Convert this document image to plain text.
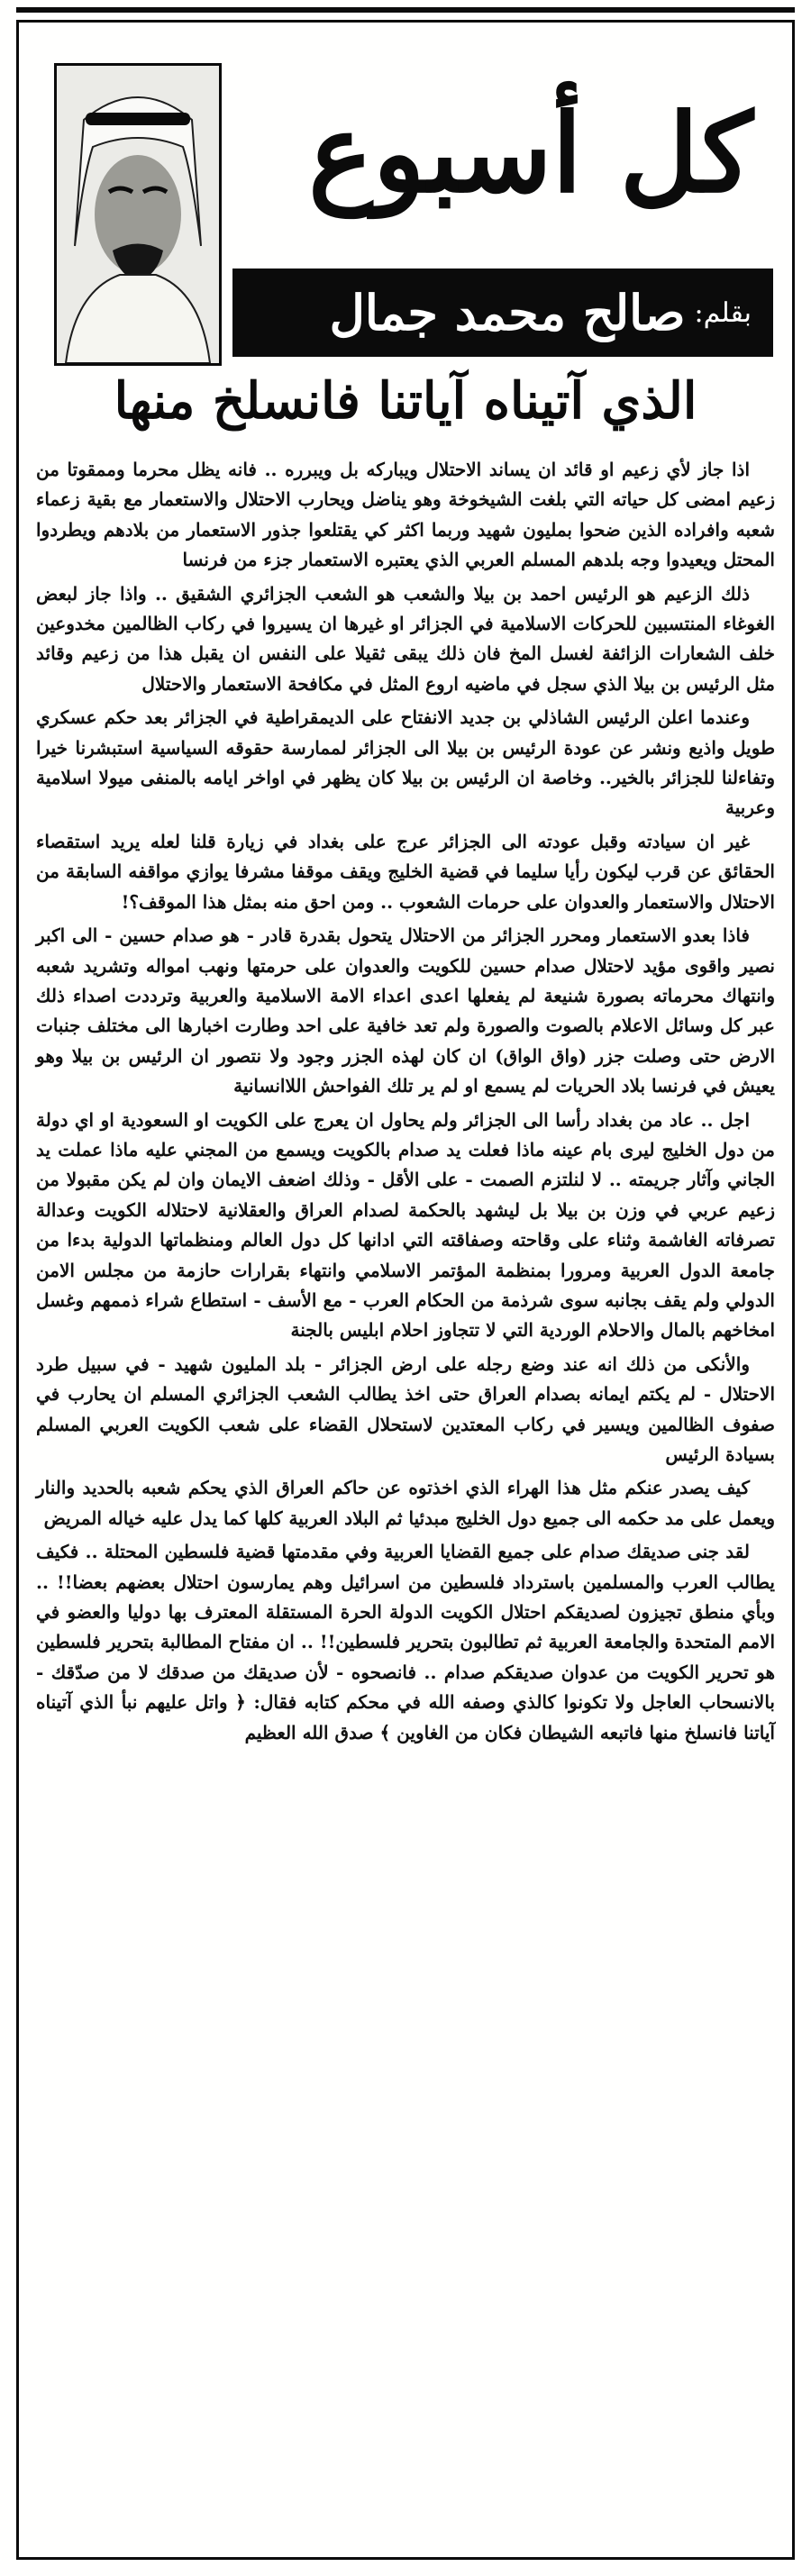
كل أسبوع
بقلم:
صالح محمد جمال
الذي آتيناه آياتنا فانسلخ منها

اذا جاز لأي زعيم او قائد ان يساند الاحتلال ويباركه بل ويبرره .. فانه يظل محرما وممقوتا من زعيم امضى كل حياته التي بلغت الشيخوخة وهو يناضل ويحارب الاحتلال والاستعمار مع بقية زعماء شعبه وافراده الذين ضحوا بمليون شهيد وربما اكثر كي يقتلعوا جذور الاستعمار من بلادهم ويطردوا المحتل ويعيدوا وجه بلدهم المسلم العربي الذي يعتبره الاستعمار جزء من فرنسا

ذلك الزعيم هو الرئيس احمد بن بيلا والشعب هو الشعب الجزائري الشقيق .. واذا جاز لبعض الغوغاء المنتسبين للحركات الاسلامية في الجزائر او غيرها ان يسيروا في ركاب الظالمين مخدوعين خلف الشعارات الزائفة لغسل المخ فان ذلك يبقى ثقيلا على النفس ان يقبل هذا من زعيم وقائد مثل الرئيس بن بيلا الذي سجل في ماضيه اروع المثل في مكافحة الاستعمار والاحتلال

وعندما اعلن الرئيس الشاذلي بن جديد الانفتاح على الديمقراطية في الجزائر بعد حكم عسكري طويل واذيع ونشر عن عودة الرئيس بن بيلا الى الجزائر لممارسة حقوقه السياسية استبشرنا خيرا وتفاءلنا للجزائر بالخير.. وخاصة ان الرئيس بن بيلا كان يظهر في اواخر ايامه بالمنفى ميولا اسلامية وعربية

غير ان سيادته وقبل عودته الى الجزائر عرج على بغداد في زيارة قلنا لعله يريد استقصاء الحقائق عن قرب ليكون رأيا سليما في قضية الخليج ويقف موقفا مشرفا يوازي مواقفه السابقة من الاحتلال والاستعمار والعدوان على حرمات الشعوب .. ومن احق منه بمثل هذا الموقف؟!

فاذا بعدو الاستعمار ومحرر الجزائر من الاحتلال يتحول بقدرة قادر - هو صدام حسين - الى اكبر نصير واقوى مؤيد لاحتلال صدام حسين للكويت والعدوان على حرمتها ونهب امواله وتشريد شعبه وانتهاك محرماته بصورة شنيعة لم يفعلها اعدى اعداء الامة الاسلامية والعربية وترددت اصداء ذلك عبر كل وسائل الاعلام بالصوت والصورة ولم تعد خافية على احد وطارت اخبارها الى مختلف جنبات الارض حتى وصلت جزر (واق الواق) ان كان لهذه الجزر وجود ولا نتصور ان الرئيس بن بيلا وهو يعيش في فرنسا بلاد الحريات لم يسمع او لم ير تلك الفواحش اللاانسانية

اجل .. عاد من بغداد رأسا الى الجزائر ولم يحاول ان يعرج على الكويت او السعودية او اي دولة من دول الخليج ليرى بام عينه ماذا فعلت يد صدام بالكويت ويسمع من المجني عليه ماذا عملت يد الجاني وآثار جريمته .. لا لنلتزم الصمت - على الأقل - وذلك اضعف الايمان وان لم يكن مقبولا من زعيم عربي في وزن بن بيلا بل ليشهد بالحكمة لصدام العراق والعقلانية لاحتلاله الكويت وعدالة تصرفاته الغاشمة وثناء على وقاحته وصفاقته التي ادانها كل دول العالم ومنظماتها الدولية بدءا من جامعة الدول العربية ومرورا بمنظمة المؤتمر الاسلامي وانتهاء بقرارات حازمة من مجلس الامن الدولي ولم يقف بجانبه سوى شرذمة من الحكام العرب - مع الأسف - استطاع شراء ذممهم وغسل امخاخهم بالمال والاحلام الوردية التي لا تتجاوز احلام ابليس بالجنة

والأنكى من ذلك انه عند وضع رجله على ارض الجزائر - بلد المليون شهيد - في سبيل طرد الاحتلال - لم يكتم ايمانه بصدام العراق حتى اخذ يطالب الشعب الجزائري المسلم ان يحارب في صفوف الظالمين ويسير في ركاب المعتدين لاستحلال القضاء على شعب الكويت العربي المسلم بسيادة الرئيس

كيف يصدر عنكم مثل هذا الهراء الذي اخذتوه عن حاكم العراق الذي يحكم شعبه بالحديد والنار ويعمل على مد حكمه الى جميع دول الخليج مبدئيا ثم البلاد العربية كلها كما يدل عليه خياله المريض

لقد جنى صديقك صدام على جميع القضايا العربية وفي مقدمتها قضية فلسطين المحتلة .. فكيف يطالب العرب والمسلمين باسترداد فلسطين من اسرائيل وهم يمارسون احتلال بعضهم بعضا!! .. وبأي منطق تجيزون لصديقكم احتلال الكويت الدولة الحرة المستقلة المعترف بها دوليا والعضو في الامم المتحدة والجامعة العربية ثم تطالبون بتحرير فلسطين!! .. ان مفتاح المطالبة بتحرير فلسطين هو تحرير الكويت من عدوان صديقكم صدام .. فانصحوه - لأن صديقك من صدقك لا من صدّقك - بالانسحاب العاجل ولا تكونوا كالذي وصفه الله في محكم كتابه فقال: ﴿ واتل عليهم نبأ الذي آتيناه آياتنا فانسلخ منها فاتبعه الشيطان فكان من الغاوين ﴾ صدق الله العظيم
